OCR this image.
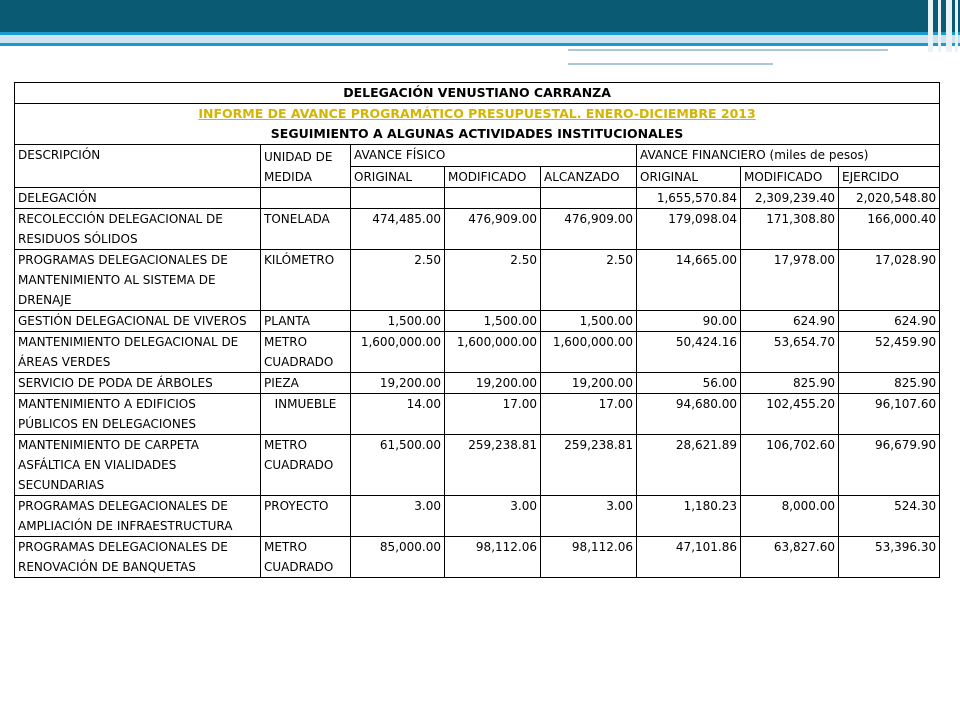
DELEGACIÓN VENUSTIANO CARRANZA							
INFORME DE AVANCE PROGRAMÁTICO PRESUPUESTAL. ENERO-DICIEMBRE 2013							
SEGUIMIENTO A ALGUNAS ACTIVIDADES INSTITUCIONALES							
DESCRIPCIÓN	UNIDAD DE MEDIDA	AVANCE FÍSICO			AVANCE FINANCIERO (miles de pesos)		
		ORIGINAL	MODIFICADO	ALCANZADO	ORIGINAL	MODIFICADO	EJERCIDO
DELEGACIÓN					1,655,570.84	2,309,239.40	2,020,548.80
RECOLECCIÓN DELEGACIONAL DE RESIDUOS SÓLIDOS	TONELADA	474,485.00	476,909.00	476,909.00	179,098.04	171,308.80	166,000.40
PROGRAMAS DELEGACIONALES DE MANTENIMIENTO AL SISTEMA DE DRENAJE	KILÓMETRO	2.50	2.50	2.50	14,665.00	17,978.00	17,028.90
GESTIÓN DELEGACIONAL DE VIVEROS	PLANTA	1,500.00	1,500.00	1,500.00	90.00	624.90	624.90
MANTENIMIENTO DELEGACIONAL DE ÁREAS VERDES	METRO CUADRADO	1,600,000.00	1,600,000.00	1,600,000.00	50,424.16	53,654.70	52,459.90
SERVICIO DE PODA DE ÁRBOLES	PIEZA	19,200.00	19,200.00	19,200.00	56.00	825.90	825.90
MANTENIMIENTO A EDIFICIOS PÚBLICOS EN DELEGACIONES	INMUEBLE	14.00	17.00	17.00	94,680.00	102,455.20	96,107.60
MANTENIMIENTO DE CARPETA ASFÁLTICA EN VIALIDADES SECUNDARIAS	METRO CUADRADO	61,500.00	259,238.81	259,238.81	28,621.89	106,702.60	96,679.90
PROGRAMAS DELEGACIONALES DE AMPLIACIÓN DE INFRAESTRUCTURA	PROYECTO	3.00	3.00	3.00	1,180.23	8,000.00	524.30
PROGRAMAS DELEGACIONALES DE RENOVACIÓN DE BANQUETAS	METRO CUADRADO	85,000.00	98,112.06	98,112.06	47,101.86	63,827.60	53,396.30
